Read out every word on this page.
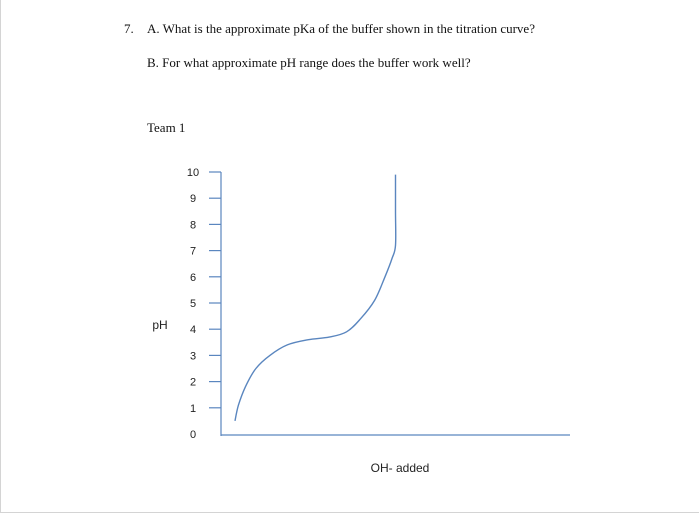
7. A. What is the approximate pKa of the buffer shown in the titration curve?
B. For what approximate pH range does the buffer work well?
Team 1
0
1
2
3
4
5
6
7
8
9
10
pH
OH- added
